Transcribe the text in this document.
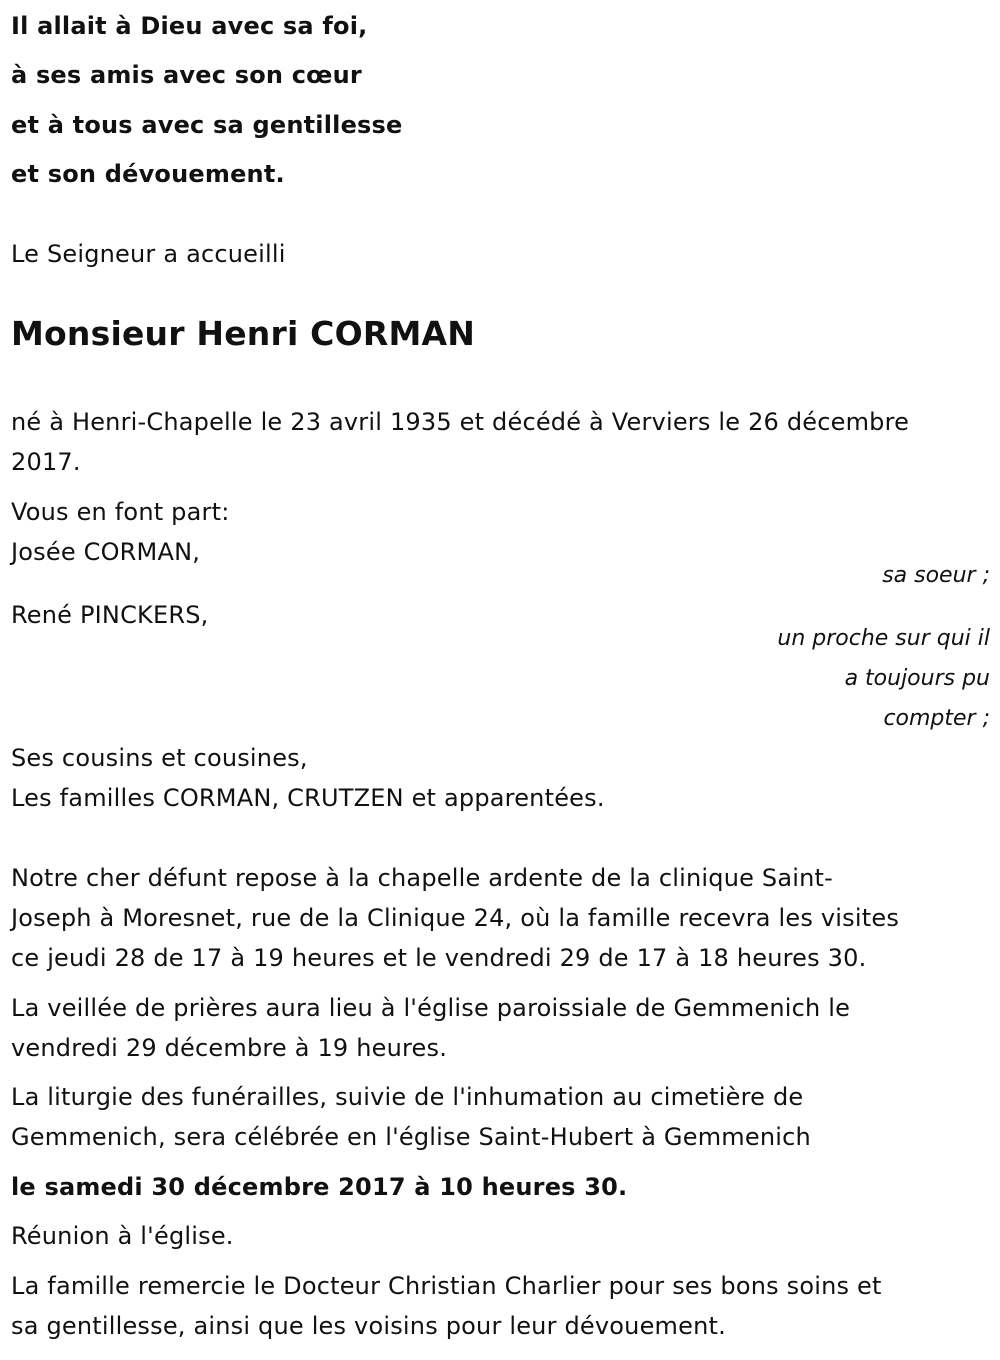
Il allait à Dieu avec sa foi,
à ses amis avec son cœur
et à tous avec sa gentillesse
et son dévouement.
Le Seigneur a accueilli
Monsieur Henri CORMAN
né à Henri-Chapelle le 23 avril 1935 et décédé à Verviers le 26 décembre
2017.
Vous en font part:
Josée CORMAN,
sa soeur ;
René PINCKERS,
un proche sur qui il
a toujours pu
compter ;
Ses cousins et cousines,
Les familles CORMAN, CRUTZEN et apparentées.
Notre cher défunt repose à la chapelle ardente de la clinique Saint-
Joseph à Moresnet, rue de la Clinique 24, où la famille recevra les visites
ce jeudi 28 de 17 à 19 heures et le vendredi 29 de 17 à 18 heures 30.
La veillée de prières aura lieu à l'église paroissiale de Gemmenich le
vendredi 29 décembre à 19 heures.
La liturgie des funérailles, suivie de l'inhumation au cimetière de
Gemmenich, sera célébrée en l'église Saint-Hubert à Gemmenich
le samedi 30 décembre 2017 à 10 heures 30.
Réunion à l'église.
La famille remercie le Docteur Christian Charlier pour ses bons soins et
sa gentillesse, ainsi que les voisins pour leur dévouement.
